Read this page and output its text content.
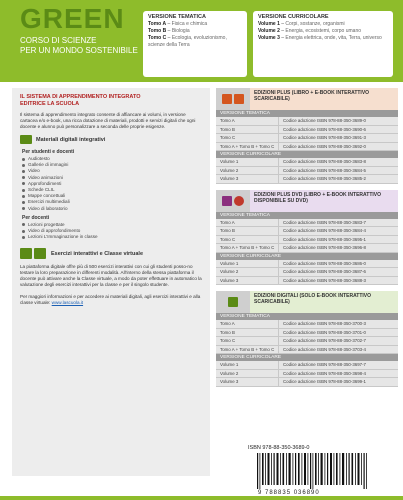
GREEN
CORSO DI SCIENZE
PER UN MONDO SOSTENIBILE
VERSIONE TEMATICA
Tomo A – Fisica e chimica
Tomo B – Biologia
Tomo C – Ecologia, evoluzionismo, scienze della Terra
VERSIONE CURRICOLARE
Volume 1 – Corpi, sostanze, organismi
Volume 2 – Energia, ecosistemi, corpo umano
Volume 3 – Energia elettrica, onde, vita, Terra, universo
IL SISTEMA DI APPRENDIMENTO INTEGRATO
EDITRICE LA SCUOLA
Il sistema di apprendimento integrato consente di affiancare ai volumi, in versione cartacea e/o e-book, una ricca dotazione di materiali, prodotti e servizi digitali che ogni docente e alunno può personalizzare a seconda delle proprie esigenze.
Materiali digitali integrativi
Per studenti e docenti
Audiotesto
Gallerie di immagini
Video
Video animazioni
Approfondimenti
Schede CLIL
Mappe concettuali
Esercizi multimediali
Video di laboratorio
Per docenti
Lezioni progettate
Video di approfondimento
Lezioni L'Immaginazione in classe
Esercizi interattivi e Classe virtuale
La piattaforma digitale offre più di 500 esercizi interattivi con cui gli studenti posso-no testare la loro preparazione in differenti modalità. All'interno della stessa piattaforma il docente può attivare anche la Classe virtuale, a modo da poter effettuare in automatico la valutazione degli esercizi interattivi per la classe e per il singolo studente.
Per maggiori informazioni e per accedere ai materiali digitali, agli esercizi interattivi e alla classe virtuale: www.lascuola.it
EDIZIONI PLUS (LIBRO + E-BOOK INTERATTIVO SCARICABILE)
VERSIONE TEMATICA
Tomo A	Codice adozione ISBN 978-88-350-3689-0
Tomo B	Codice adozione ISBN 978-88-350-3690-6
Tomo C	Codice adozione ISBN 978-88-350-3691-3
Tomo A + Tomo B + Tomo C	Codice adozione ISBN 978-88-350-3692-0
VERSIONE CURRICOLARE
Volume 1	Codice adozione ISBN 978-88-350-3683-8
Volume 2	Codice adozione ISBN 978-88-350-3684-5
Volume 3	Codice adozione ISBN 978-88-350-3685-2
EDIZIONI PLUS DVD (LIBRO + E-BOOK INTERATTIVO DISPONIBILE SU DVD)
VERSIONE TEMATICA
Tomo A	Codice adozione ISBN 978-88-350-3683-7
Tomo B	Codice adozione ISBN 978-88-350-3684-4
Tomo C	Codice adozione ISBN 978-88-350-3695-1
Tomo A + Tomo B + Tomo C	Codice adozione ISBN 978-88-350-3696-8
VERSIONE CURRICOLARE
Volume 1	Codice adozione ISBN 978-88-350-3686-0
Volume 2	Codice adozione ISBN 978-88-350-3687-6
Volume 3	Codice adozione ISBN 978-88-350-3688-3
EDIZIONI DIGITALI (SOLO E-BOOK INTERATTIVO SCARICABILE)
VERSIONE TEMATICA
Tomo A	Codice adozione ISBN 978-88-350-3700-3
Tomo B	Codice adozione ISBN 978-88-350-3701-0
Tomo C	Codice adozione ISBN 978-88-350-3702-7
Tomo A + Tomo B + Tomo C	Codice adozione ISBN 978-88-350-3703-4
VERSIONE CURRICOLARE
Volume 1	Codice adozione ISBN 978-88-350-3697-7
Volume 2	Codice adozione ISBN 978-88-350-3698-4
Volume 3	Codice adozione ISBN 978-88-350-3699-1
ISBN 978-88-350-3689-0
9 788835 036890
